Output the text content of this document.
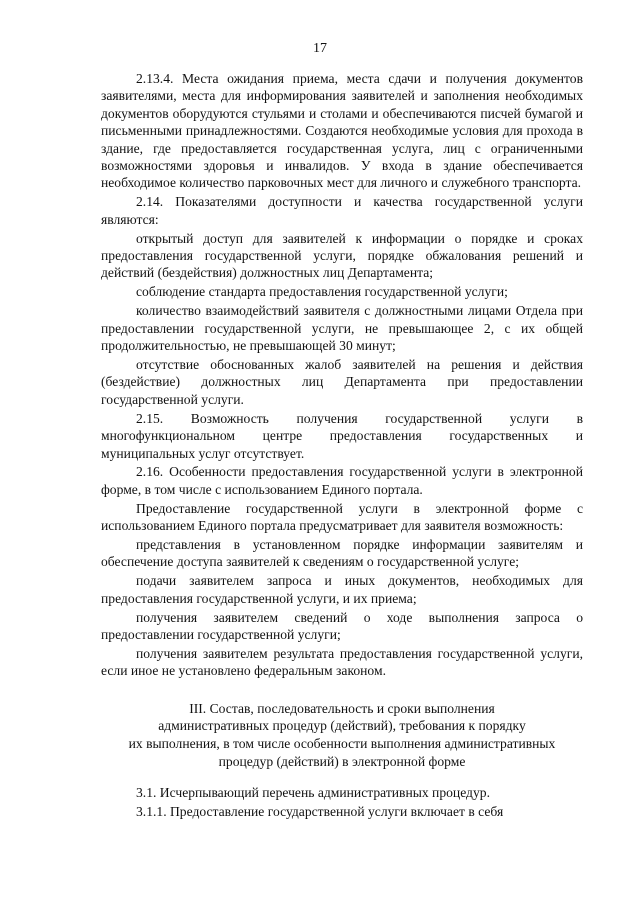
17

2.13.4. Места ожидания приема, места сдачи и получения документов заявителями, места для информирования заявителей и заполнения необходимых документов оборудуются стульями и столами и обеспечиваются писчей бумагой и письменными принадлежностями. Создаются необходимые условия для прохода в здание, где предоставляется государственная услуга, лиц с ограниченными возможностями здоровья и инвалидов. У входа в здание обеспечивается необходимое количество парковочных мест для личного и служебного транспорта.

2.14. Показателями доступности и качества государственной услуги являются:

открытый доступ для заявителей к информации о порядке и сроках предоставления государственной услуги, порядке обжалования решений и действий (бездействия) должностных лиц Департамента;

соблюдение стандарта предоставления государственной услуги;

количество взаимодействий заявителя с должностными лицами Отдела при предоставлении государственной услуги, не превышающее 2, с их общей продолжительностью, не превышающей 30 минут;

отсутствие обоснованных жалоб заявителей на решения и действия (бездействие) должностных лиц Департамента при предоставлении государственной услуги.

2.15. Возможность получения государственной услуги в многофункциональном центре предоставления государственных и муниципальных услуг отсутствует.

2.16. Особенности предоставления государственной услуги в электронной форме, в том числе с использованием Единого портала.

Предоставление государственной услуги в электронной форме с использованием Единого портала предусматривает для заявителя возможность:

представления в установленном порядке информации заявителям и обеспечение доступа заявителей к сведениям о государственной услуге;

подачи заявителем запроса и иных документов, необходимых для предоставления государственной услуги, и их приема;

получения заявителем сведений о ходе выполнения запроса о предоставлении государственной услуги;

получения заявителем результата предоставления государственной услуги, если иное не установлено федеральным законом.

III. Состав, последовательность и сроки выполнения
административных процедур (действий), требования к порядку
их выполнения, в том числе особенности выполнения административных
процедур (действий) в электронной форме

3.1. Исчерпывающий перечень административных процедур.

3.1.1. Предоставление государственной услуги включает в себя
